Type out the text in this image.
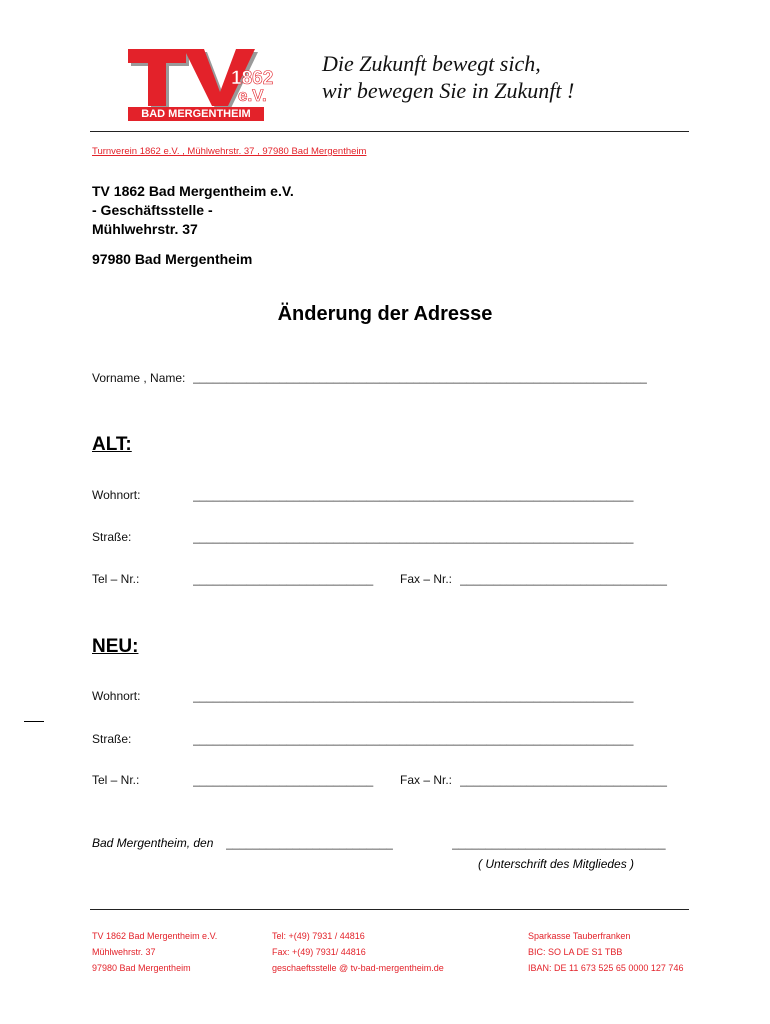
1862
e.V.
BAD MERGENTHEIM
Die Zukunft bewegt sich,
wir bewegen Sie in Zukunft !
Turnverein 1862 e.V. , Mühlwehrstr. 37 , 97980 Bad Mergentheim
TV 1862 Bad Mergentheim e.V.
- Geschäftsstelle -
Mühlwehrstr. 37
97980 Bad Mergentheim
Änderung der Adresse
Vorname , Name: ____________________________________________________________________
ALT:
Wohnort:	__________________________________________________________________
Straße:	__________________________________________________________________
Tel – Nr.:	___________________________	Fax – Nr.: _______________________________
NEU:
Wohnort:	__________________________________________________________________
Straße:	__________________________________________________________________
Tel – Nr.:	___________________________	Fax – Nr.: _______________________________
Bad Mergentheim, den _________________________	________________________________
( Unterschrift des Mitgliedes )
TV 1862 Bad Mergentheim e.V.
Mühlwehrstr. 37
97980 Bad Mergentheim
Tel: +(49) 7931 / 44816
Fax: +(49) 7931/ 44816
geschaeftsstelle @ tv-bad-mergentheim.de
Sparkasse Tauberfranken
BIC: SO LA DE S1 TBB
IBAN: DE 11 673 525 65 0000 127 746
